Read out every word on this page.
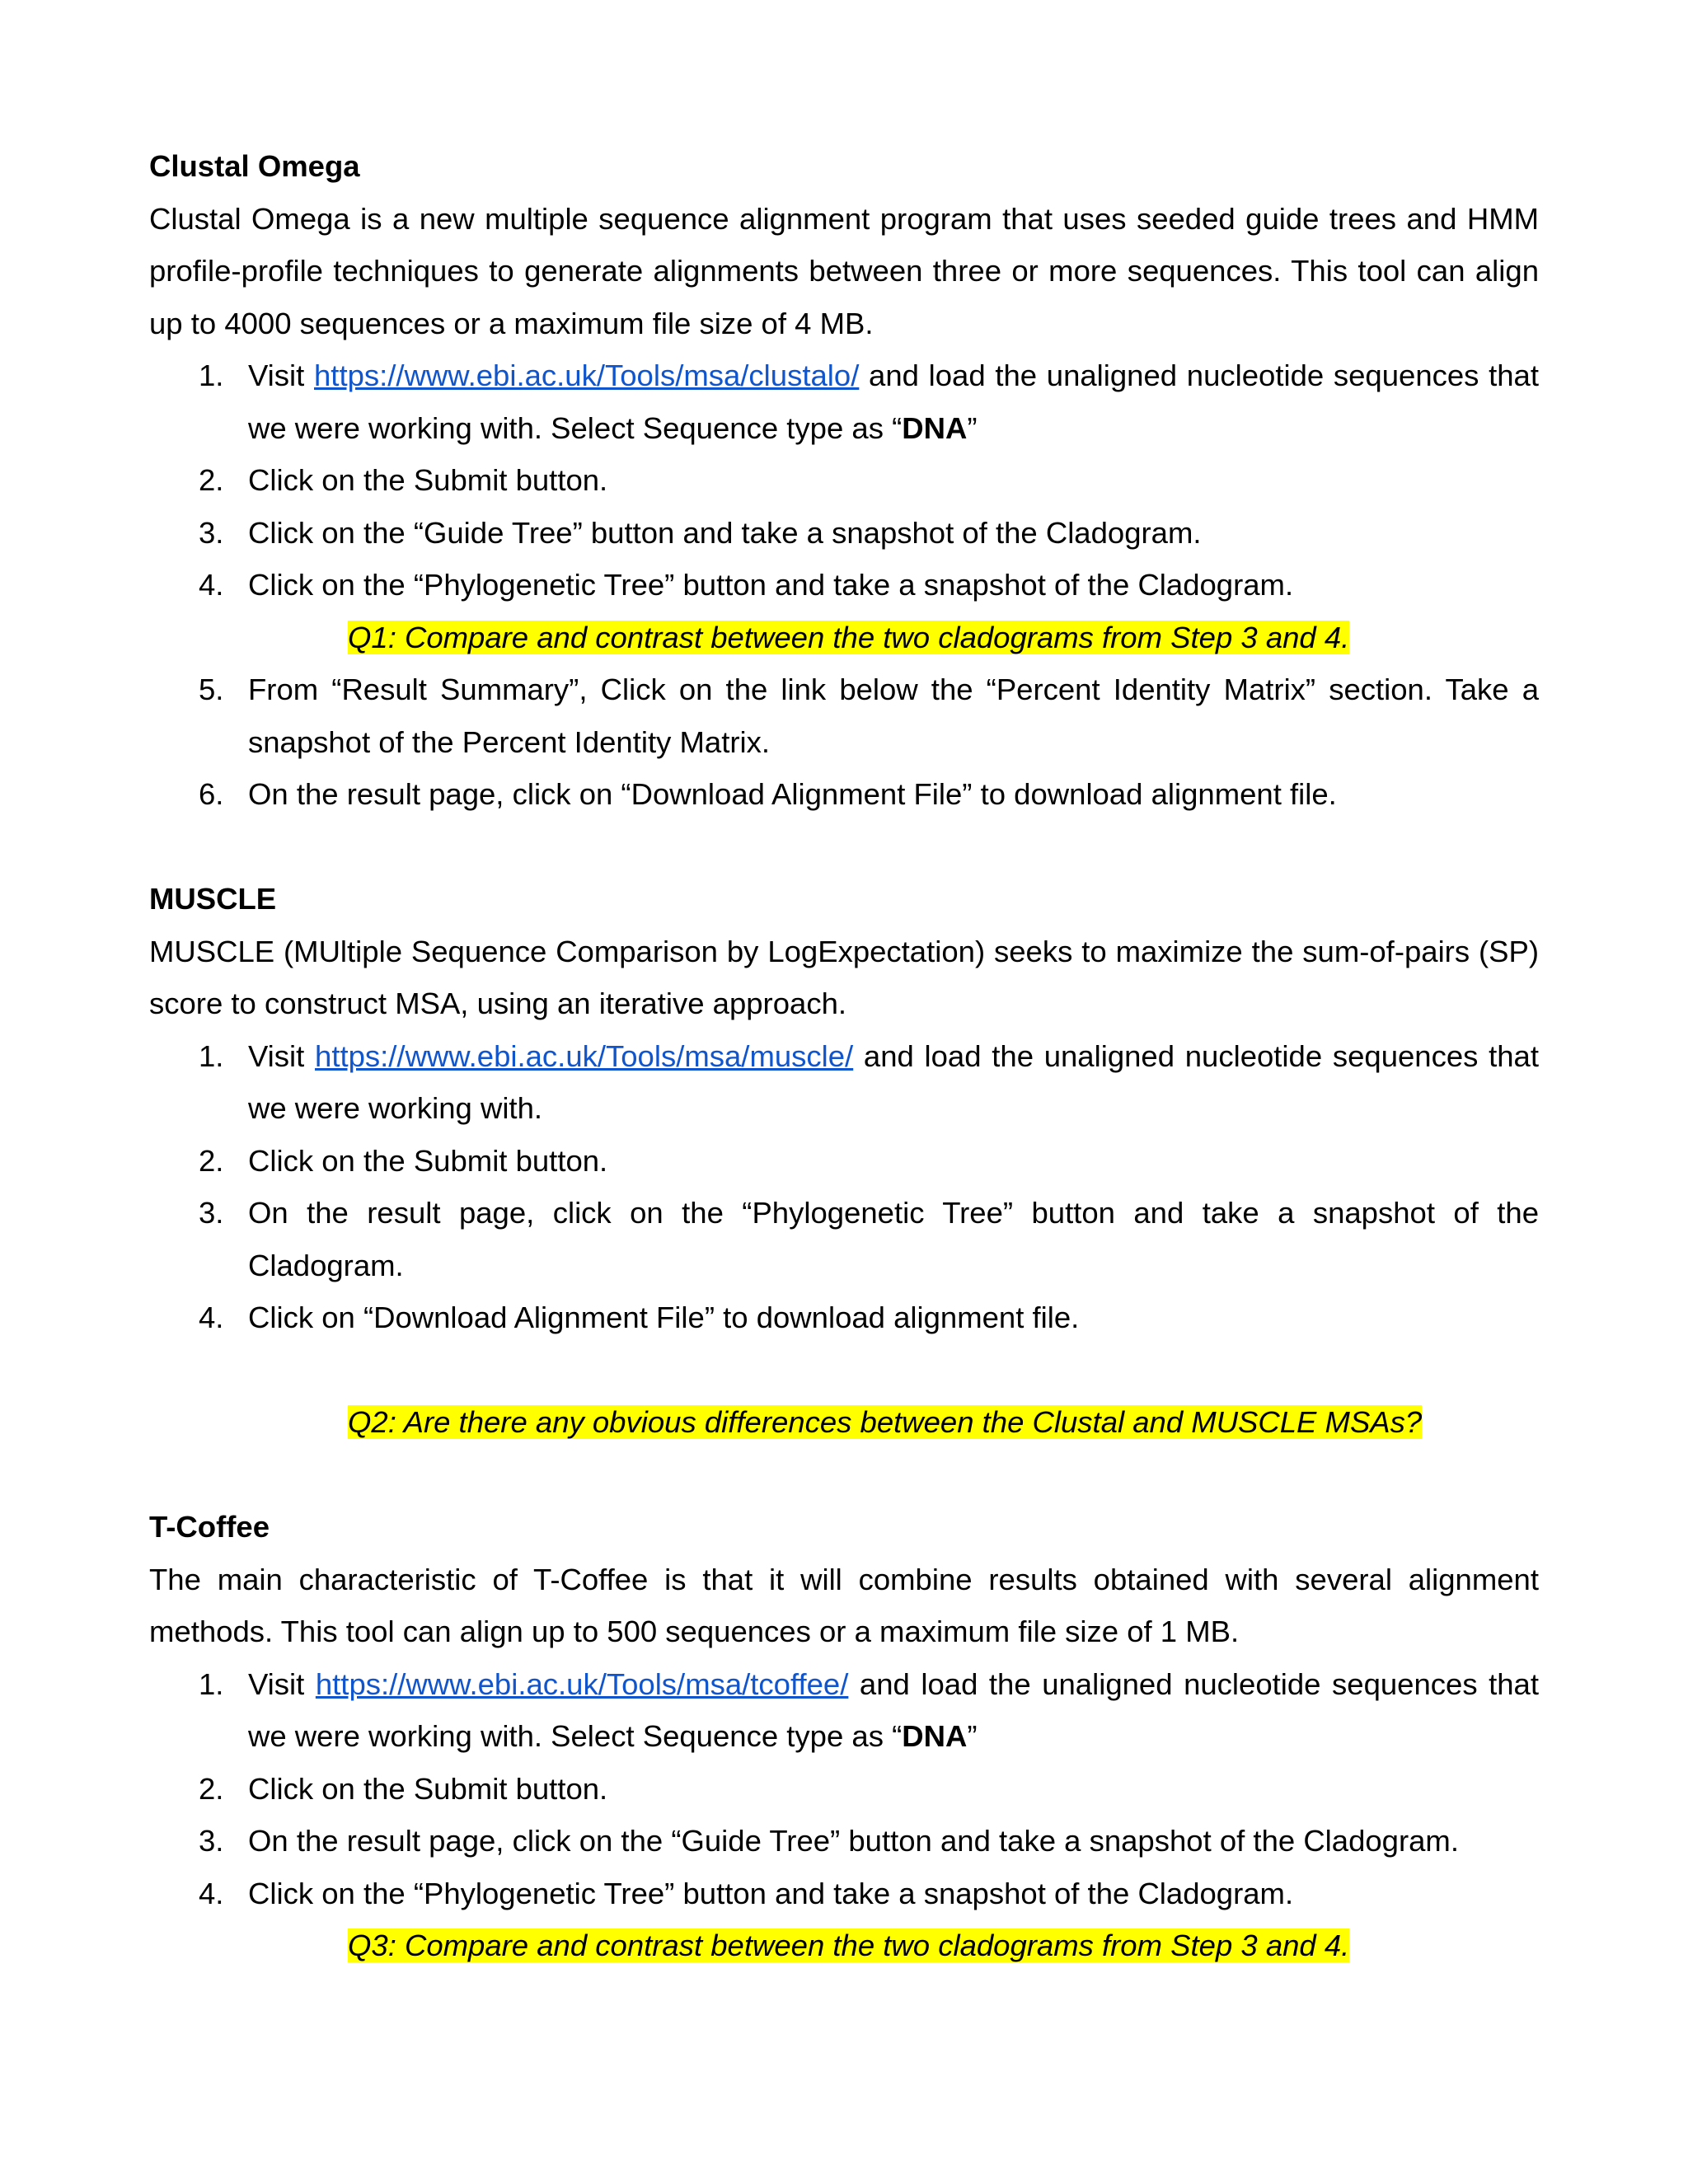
Clustal Omega

Clustal Omega is a new multiple sequence alignment program that uses seeded guide trees and HMM profile-profile techniques to generate alignments between three or more sequences. This tool can align up to 4000 sequences or a maximum file size of 4 MB.

1. Visit https://www.ebi.ac.uk/Tools/msa/clustalo/ and load the unaligned nucleotide sequences that we were working with. Select Sequence type as “DNA”
2. Click on the Submit button.
3. Click on the “Guide Tree” button and take a snapshot of the Cladogram.
4. Click on the “Phylogenetic Tree” button and take a snapshot of the Cladogram.

Q1: Compare and contrast between the two cladograms from Step 3 and 4.

5. From “Result Summary”, Click on the link below the “Percent Identity Matrix” section. Take a snapshot of the Percent Identity Matrix.
6. On the result page, click on “Download Alignment File” to download alignment file.

MUSCLE

MUSCLE (MUltiple Sequence Comparison by LogExpectation) seeks to maximize the sum-of-pairs (SP) score to construct MSA, using an iterative approach.

1. Visit https://www.ebi.ac.uk/Tools/msa/muscle/ and load the unaligned nucleotide sequences that we were working with.
2. Click on the Submit button.
3. On the result page, click on the “Phylogenetic Tree” button and take a snapshot of the Cladogram.
4. Click on “Download Alignment File” to download alignment file.

Q2: Are there any obvious differences between the Clustal and MUSCLE MSAs?

T-Coffee

The main characteristic of T-Coffee is that it will combine results obtained with several alignment methods. This tool can align up to 500 sequences or a maximum file size of 1 MB.

1. Visit https://www.ebi.ac.uk/Tools/msa/tcoffee/ and load the unaligned nucleotide sequences that we were working with. Select Sequence type as “DNA”
2. Click on the Submit button.
3. On the result page, click on the “Guide Tree” button and take a snapshot of the Cladogram.
4. Click on the “Phylogenetic Tree” button and take a snapshot of the Cladogram.

Q3: Compare and contrast between the two cladograms from Step 3 and 4.
